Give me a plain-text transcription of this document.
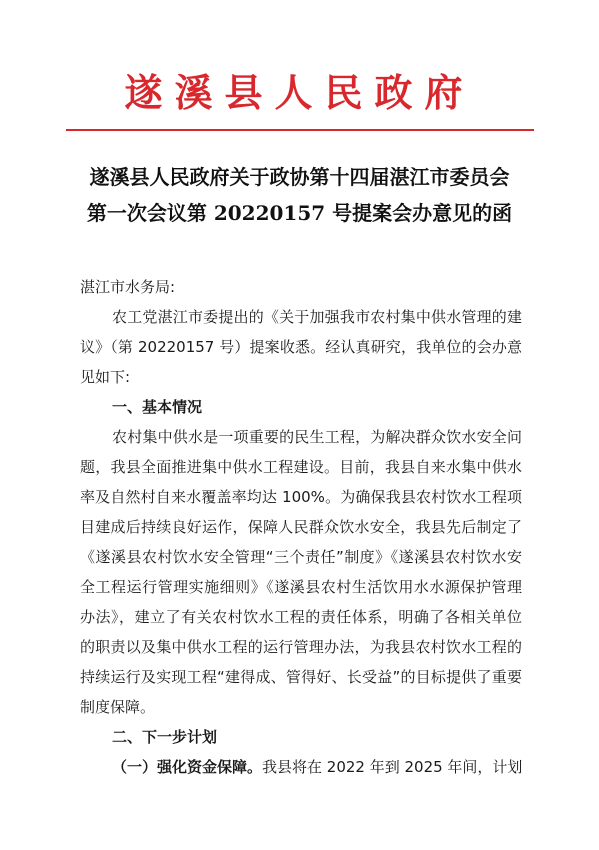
遂溪县人民政府
遂溪县人民政府关于政协第十四届湛江市委员会
第一次会议第 20220157 号提案会办意见的函
湛江市水务局:
农工党湛江市委提出的《关于加强我市农村集中供水管理的建议》（第 20220157 号）提案收悉。经认真研究，我单位的会办意见如下:
一、基本情况
农村集中供水是一项重要的民生工程，为解决群众饮水安全问题，我县全面推进集中供水工程建设。目前，我县自来水集中供水率及自然村自来水覆盖率均达 100%。为确保我县农村饮水工程项目建成后持续良好运作，保障人民群众饮水安全，我县先后制定了《遂溪县农村饮水安全管理“三个责任”制度》《遂溪县农村饮水安全工程运行管理实施细则》《遂溪县农村生活饮用水水源保护管理办法》，建立了有关农村饮水工程的责任体系，明确了各相关单位的职责以及集中供水工程的运行管理办法，为我县农村饮水工程的持续运行及实现工程“建得成、管得好、长受益”的目标提供了重要制度保障。
二、下一步计划
（一）强化资金保障。我县将在 2022 年到 2025 年间，计划
